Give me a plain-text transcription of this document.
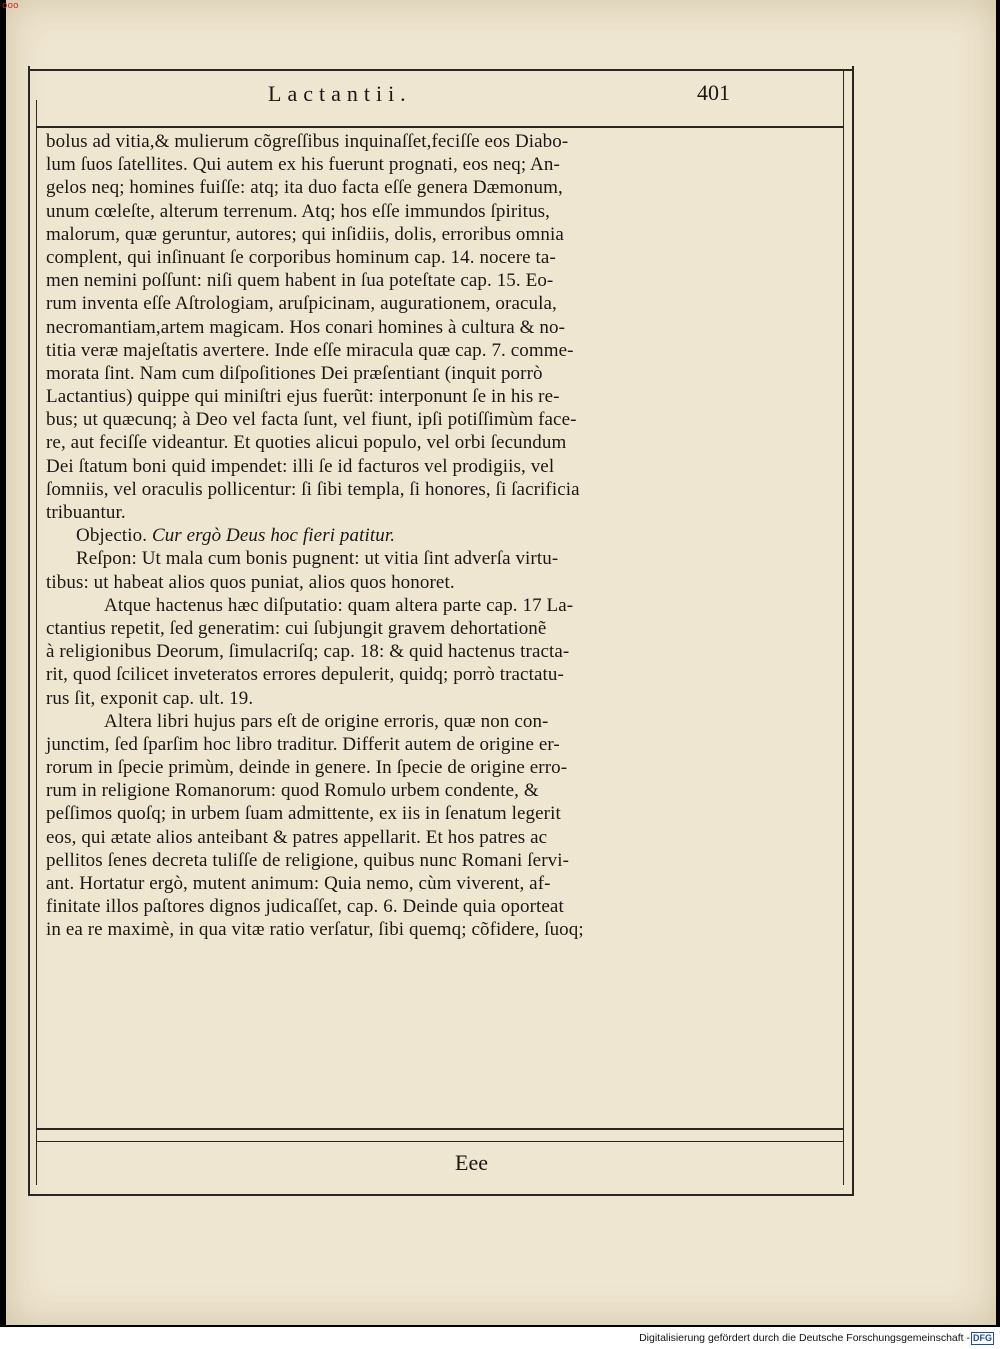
ooo
Lactantii.	401
bolus ad vitia,& mulierum cõgreſſibus inquinaſſet,feciſſe eos Diabo-
lum ſuos ſatellites. Qui autem ex his fuerunt prognati, eos neq; An-
gelos neq; homines fuiſſe: atq; ita duo facta eſſe genera Dæmonum,
unum cœleſte, alterum terrenum. Atq; hos eſſe immundos ſpiritus,
malorum, quæ geruntur, autores; qui inſidiis, dolis, erroribus omnia
complent, qui inſinuant ſe corporibus hominum cap. 14. nocere ta-
men nemini poſſunt: niſi quem habent in ſua poteſtate cap. 15. Eo-
rum inventa eſſe Aſtrologiam, aruſpicinam, augurationem, oracula,
necromantiam,artem magicam. Hos conari homines à cultura & no-
titia veræ majeſtatis avertere. Inde eſſe miracula quæ cap. 7. comme-
morata ſint. Nam cum diſpoſitiones Dei præſentiant (inquit porrò
Lactantius) quippe qui miniſtri ejus fuerũt: interponunt ſe in his re-
bus; ut quæcunq; à Deo vel facta ſunt, vel fiunt, ipſi potiſſimùm face-
re, aut feciſſe videantur. Et quoties alicui populo, vel orbi ſecundum
Dei ſtatum boni quid impendet: illi ſe id facturos vel prodigiis, vel
ſomniis, vel oraculis pollicentur: ſi ſibi templa, ſi honores, ſi ſacrificia
tribuantur.
Objectio. Cur ergò Deus hoc fieri patitur.
Reſpon: Ut mala cum bonis pugnent: ut vitia ſint adverſa virtu-
tibus: ut habeat alios quos puniat, alios quos honoret.
Atque hactenus hæc diſputatio: quam altera parte cap. 17 La-
ctantius repetit, ſed generatim: cui ſubjungit gravem dehortationẽ
à religionibus Deorum, ſimulacriſq; cap. 18: & quid hactenus tracta-
rit, quod ſcilicet inveteratos errores depulerit, quidq; porrò tractatu-
rus ſit, exponit cap. ult. 19.
Altera libri hujus pars eſt de origine erroris, quæ non con-
junctim, ſed ſparſim hoc libro traditur. Differit autem de origine er-
rorum in ſpecie primùm, deinde in genere. In ſpecie de origine erro-
rum in religione Romanorum: quod Romulo urbem condente, &
peſſimos quoſq; in urbem ſuam admittente, ex iis in ſenatum legerit
eos, qui ætate alios anteibant & patres appellarit. Et hos patres ac
pellitos ſenes decreta tuliſſe de religione, quibus nunc Romani ſervi-
ant. Hortatur ergò, mutent animum: Quia nemo, cùm viverent, af-
finitate illos paſtores dignos judicaſſet, cap. 6. Deinde quia oporteat
in ea re maximè, in qua vitæ ratio verſatur, ſibi quemq; cõfidere, ſuoq;
Eee
Digitalisierung gefördert durch die Deutsche Forschungsgemeinschaft - DFG
